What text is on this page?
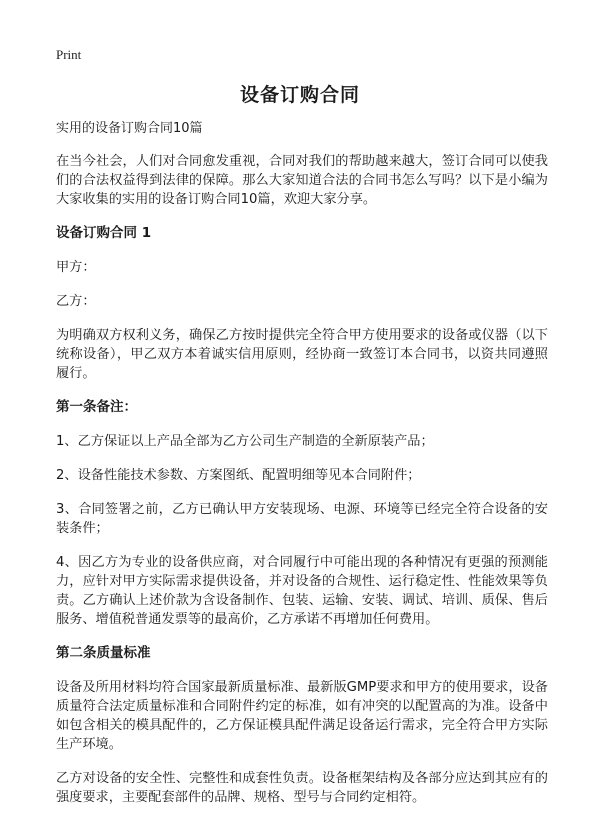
Print
设备订购合同

实用的设备订购合同10篇

在当今社会，人们对合同愈发重视，合同对我们的帮助越来越大，签订合同可以使我们的合法权益得到法律的保障。那么大家知道合法的合同书怎么写吗？以下是小编为大家收集的实用的设备订购合同10篇，欢迎大家分享。

设备订购合同 1

甲方：

乙方：

为明确双方权利义务，确保乙方按时提供完全符合甲方使用要求的设备或仪器（以下统称设备），甲乙双方本着诚实信用原则，经协商一致签订本合同书，以资共同遵照履行。

第一条备注：

1、乙方保证以上产品全部为乙方公司生产制造的全新原装产品；

2、设备性能技术参数、方案图纸、配置明细等见本合同附件；

3、合同签署之前，乙方已确认甲方安装现场、电源、环境等已经完全符合设备的安装条件；

4、因乙方为专业的设备供应商，对合同履行中可能出现的各种情况有更强的预测能力，应针对甲方实际需求提供设备，并对设备的合规性、运行稳定性、性能效果等负责。乙方确认上述价款为含设备制作、包装、运输、安装、调试、培训、质保、售后服务、增值税普通发票等的最高价，乙方承诺不再增加任何费用。

第二条质量标准

设备及所用材料均符合国家最新质量标准、最新版GMP要求和甲方的使用要求，设备质量符合法定质量标准和合同附件约定的标准，如有冲突的以配置高的为准。设备中如包含相关的模具配件的，乙方保证模具配件满足设备运行需求，完全符合甲方实际生产环境。

乙方对设备的安全性、完整性和成套性负责。设备框架结构及各部分应达到其应有的强度要求，主要配套部件的品牌、规格、型号与合同约定相符。
